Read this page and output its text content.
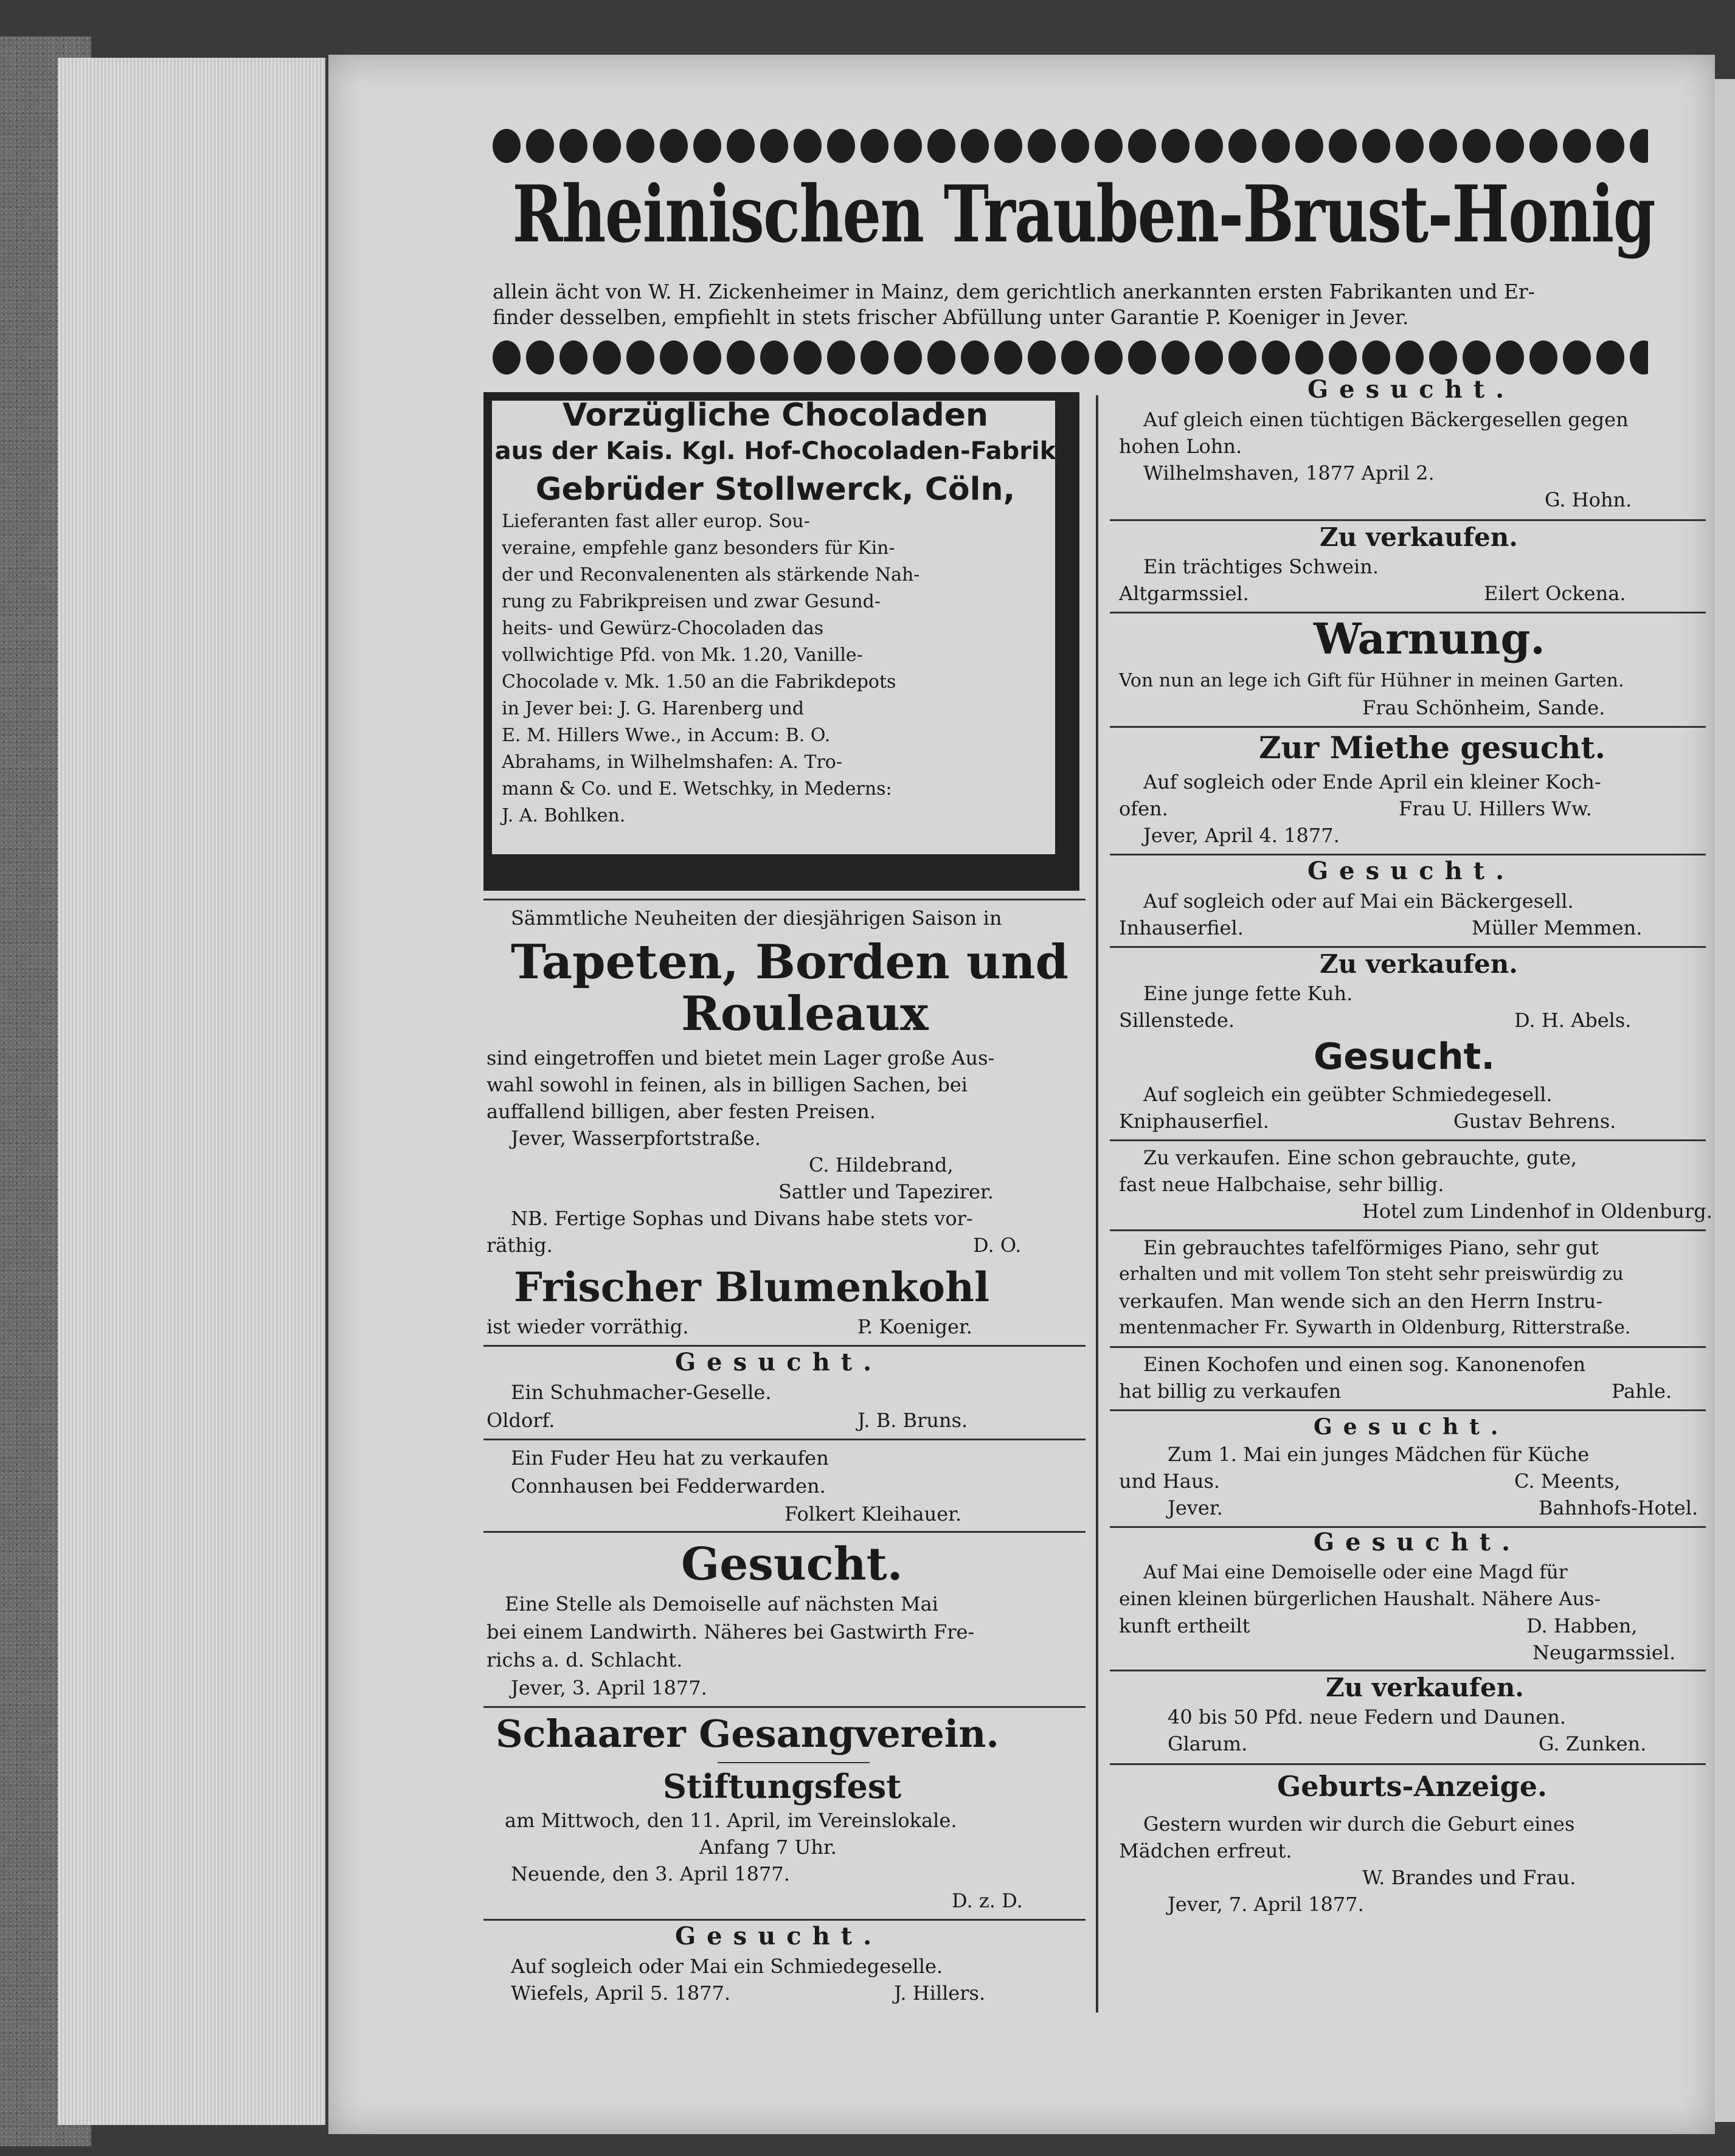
Rheinischen Trauben-Brust-Honig
allein ächt von W. H. Zickenheimer in Mainz, dem gerichtlich anerkannten ersten Fabrikanten und Er-
finder desselben, empfiehlt in stets frischer Abfüllung unter Garantie P. Koeniger in Jever.
Vorzügliche Chocoladen
aus der Kais. Kgl. Hof-Chocoladen-Fabrik
Gebrüder Stollwerck, Cöln,
Lieferanten fast aller europ. Sou-
veraine, empfehle ganz besonders für Kin-
der und Reconvalenenten als stärkende Nah-
rung zu Fabrikpreisen und zwar Gesund-
heits- und Gewürz-Chocoladen das
vollwichtige Pfd. von Mk. 1.20, Vanille-
Chocolade v. Mk. 1.50 an die Fabrikdepots
in Jever bei: J. G. Harenberg und
E. M. Hillers Wwe., in Accum: B. O.
Abrahams, in Wilhelmshafen: A. Tro-
mann & Co. und E. Wetschky, in Mederns:
J. A. Bohlken.
Sämmtliche Neuheiten der diesjährigen Saison in
Tapeten, Borden und
Rouleaux
sind eingetroffen und bietet mein Lager große Aus-
wahl sowohl in feinen, als in billigen Sachen, bei
auffallend billigen, aber festen Preisen.
Jever, Wasserpfortstraße.
C. Hildebrand,
Sattler und Tapezirer.
NB. Fertige Sophas und Divans habe stets vor-
räthig.	D. O.
Frischer Blumenkohl
ist wieder vorräthig.	P. Koeniger.
Gesucht.
Ein Schuhmacher-Geselle.
Oldorf.	J. B. Bruns.
Ein Fuder Heu hat zu verkaufen
Connhausen bei Fedderwarden.
Folkert Kleihauer.
Gesucht.
Eine Stelle als Demoiselle auf nächsten Mai
bei einem Landwirth. Näheres bei Gastwirth Fre-
richs a. d. Schlacht.
Jever, 3. April 1877.
Schaarer Gesangverein.
Stiftungsfest
am Mittwoch, den 11. April, im Vereinslokale.
Anfang 7 Uhr.
Neuende, den 3. April 1877.
D. z. D.
Gesucht.
Auf sogleich oder Mai ein Schmiedegeselle.
Wiefels, April 5. 1877.	J. Hillers.
Gesucht.
Auf gleich einen tüchtigen Bäckergesellen gegen
hohen Lohn.
Wilhelmshaven, 1877 April 2.
G. Hohn.
Zu verkaufen.
Ein trächtiges Schwein.
Altgarmssiel.	Eilert Ockena.
Warnung.
Von nun an lege ich Gift für Hühner in meinen Garten.
Frau Schönheim, Sande.
Zur Miethe gesucht.
Auf sogleich oder Ende April ein kleiner Koch-
ofen.	Frau U. Hillers Ww.
Jever, April 4. 1877.
Gesucht.
Auf sogleich oder auf Mai ein Bäckergesell.
Inhauserfiel.	Müller Memmen.
Zu verkaufen.
Eine junge fette Kuh.
Sillenstede.	D. H. Abels.
Gesucht.
Auf sogleich ein geübter Schmiedegesell.
Kniphauserfiel.	Gustav Behrens.
Zu verkaufen. Eine schon gebrauchte, gute,
fast neue Halbchaise, sehr billig.
Hotel zum Lindenhof in Oldenburg.
Ein gebrauchtes tafelförmiges Piano, sehr gut
erhalten und mit vollem Ton steht sehr preiswürdig zu
verkaufen. Man wende sich an den Herrn Instru-
mentenmacher Fr. Sywarth in Oldenburg, Ritterstraße.
Einen Kochofen und einen sog. Kanonenofen
hat billig zu verkaufen	Pahle.
Gesucht.
Zum 1. Mai ein junges Mädchen für Küche
und Haus.	C. Meents,
Jever.	Bahnhofs-Hotel.
Gesucht.
Auf Mai eine Demoiselle oder eine Magd für
einen kleinen bürgerlichen Haushalt. Nähere Aus-
kunft ertheilt	D. Habben,
Neugarmssiel.
Zu verkaufen.
40 bis 50 Pfd. neue Federn und Daunen.
Glarum.	G. Zunken.
Geburts-Anzeige.
Gestern wurden wir durch die Geburt eines
Mädchen erfreut.
W. Brandes und Frau.
Jever, 7. April 1877.
